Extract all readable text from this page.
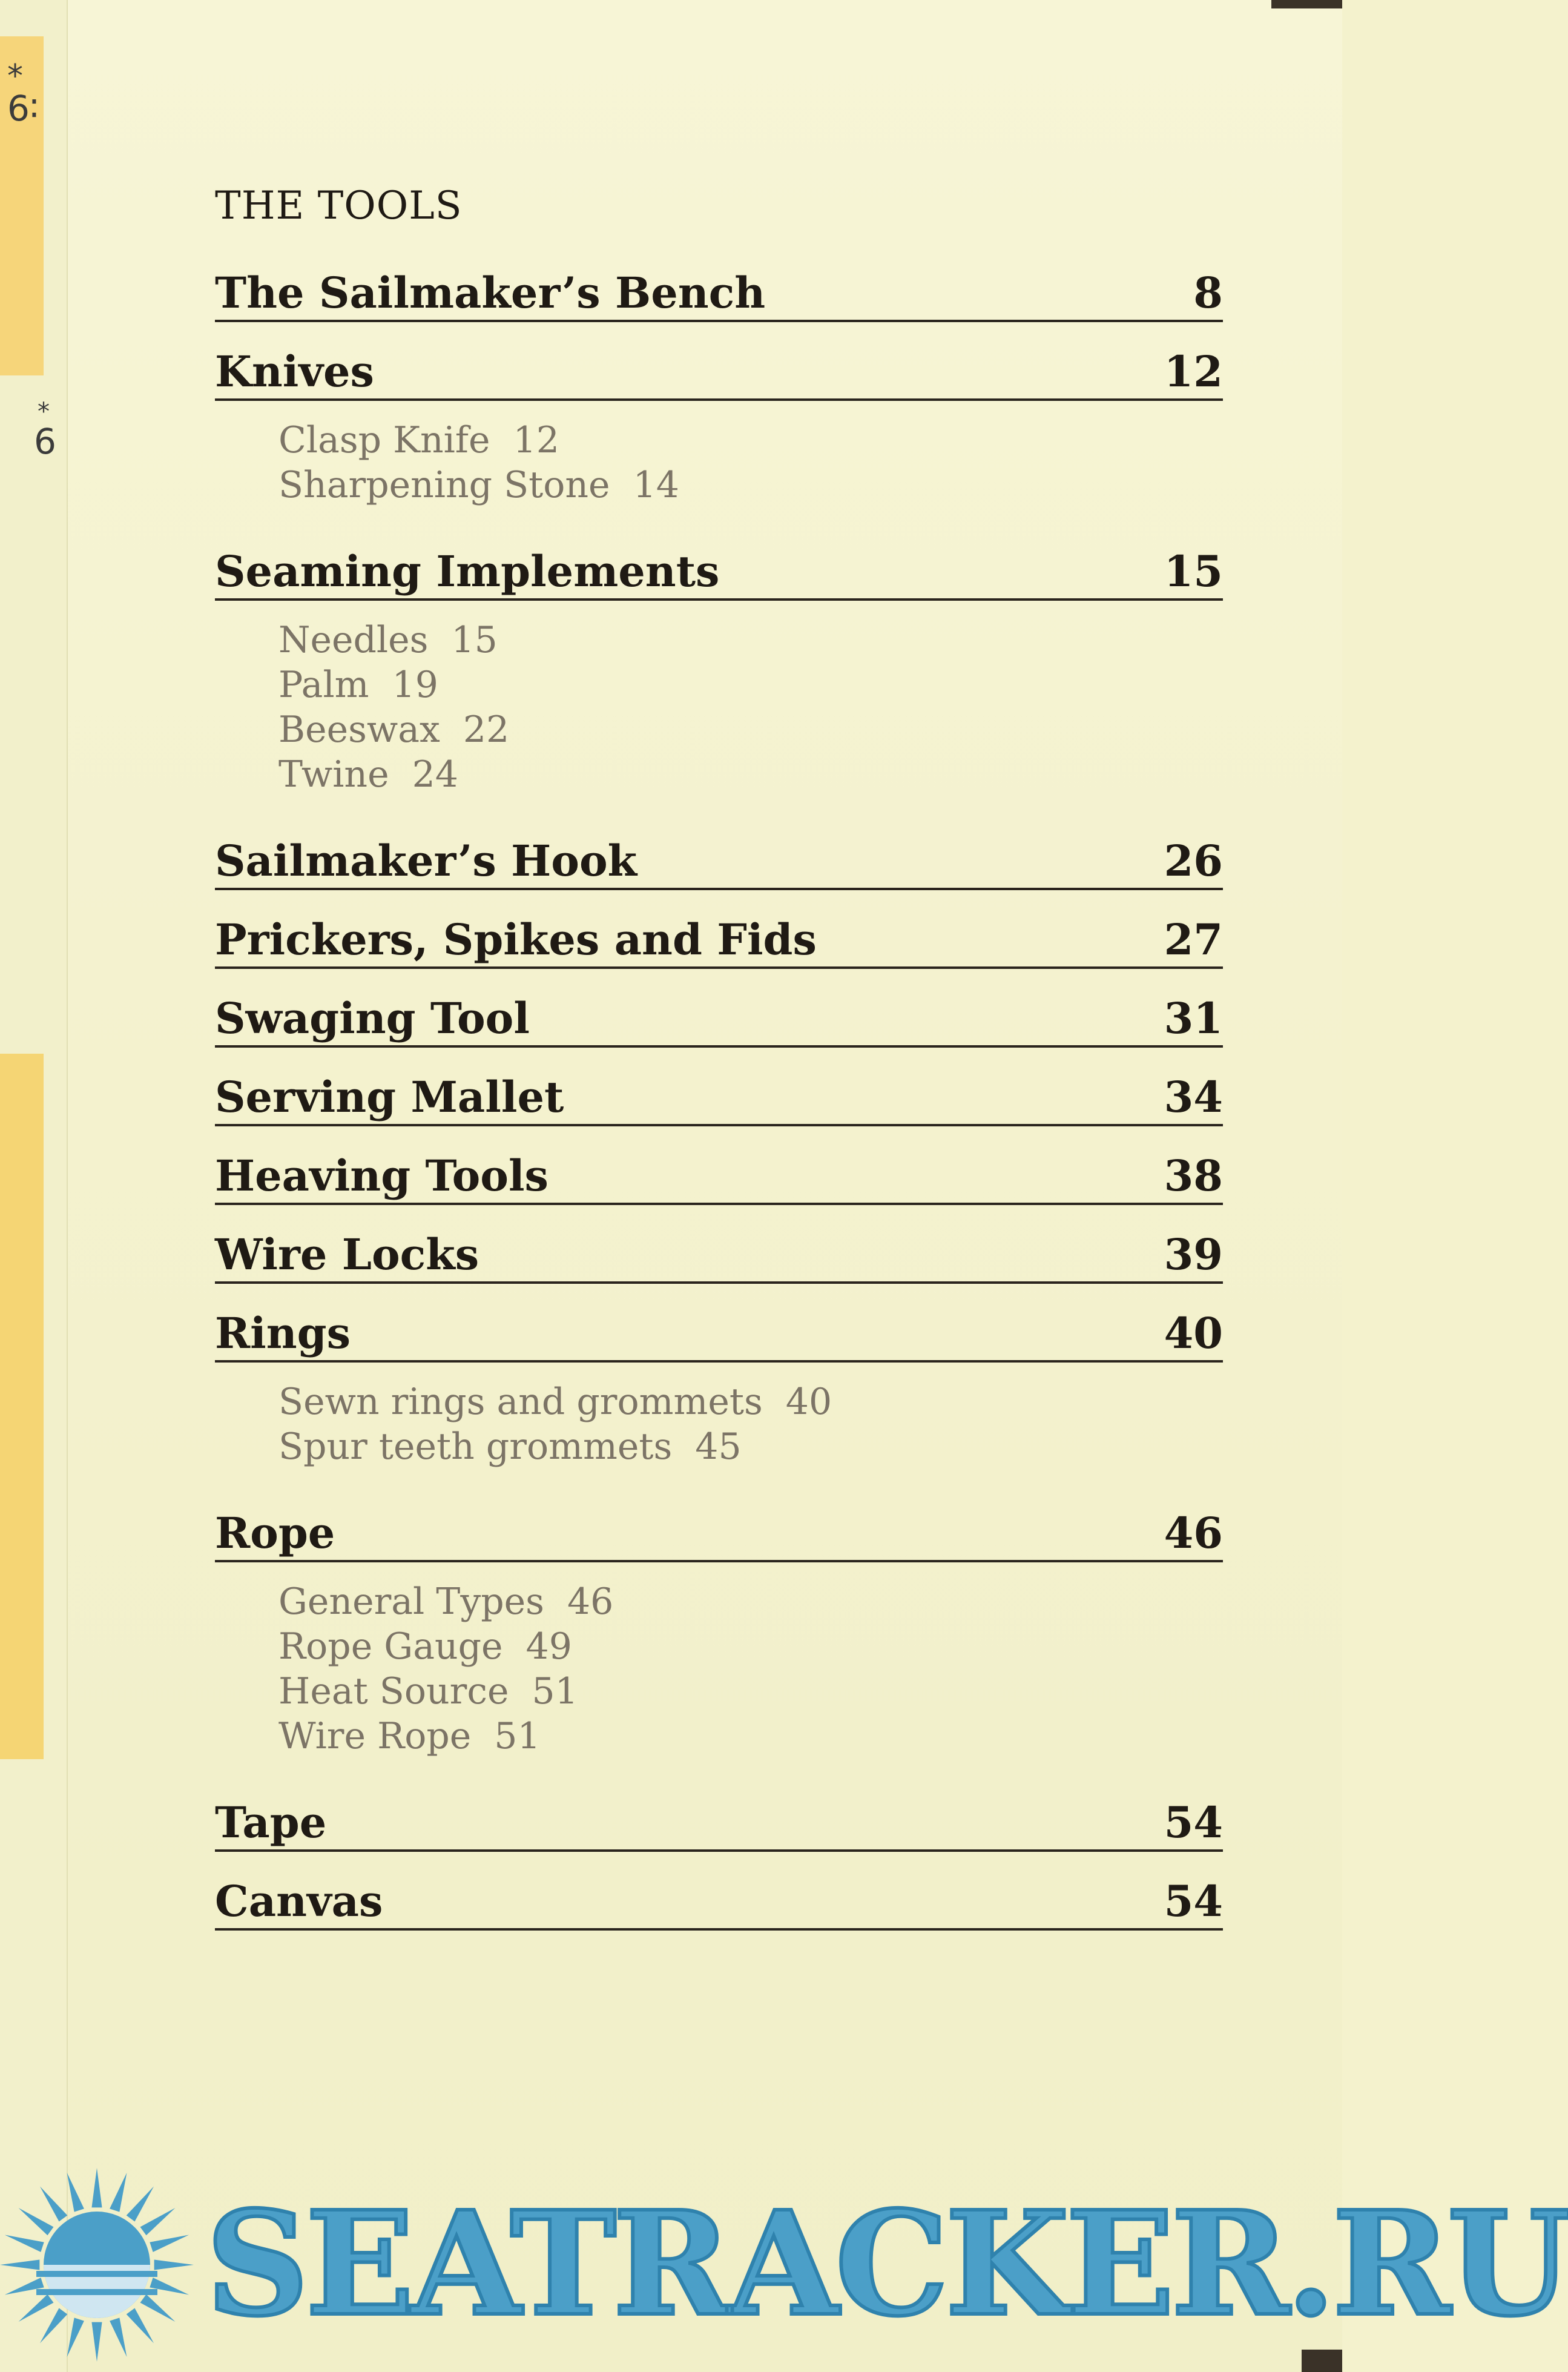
*
6∶
*
6
THE TOOLS
The Sailmaker’s Bench	8
Knives	12
Clasp Knife 12
Sharpening Stone 14
Seaming Implements	15
Needles 15
Palm 19
Beeswax 22
Twine 24
Sailmaker’s Hook	26
Prickers, Spikes and Fids	27
Swaging Tool	31
Serving Mallet	34
Heaving Tools	38
Wire Locks	39
Rings	40
Sewn rings and grommets 40
Spur teeth grommets 45
Rope	46
General Types 46
Rope Gauge 49
Heat Source 51
Wire Rope 51
Tape	54
Canvas	54
SEATRACKER.RU
